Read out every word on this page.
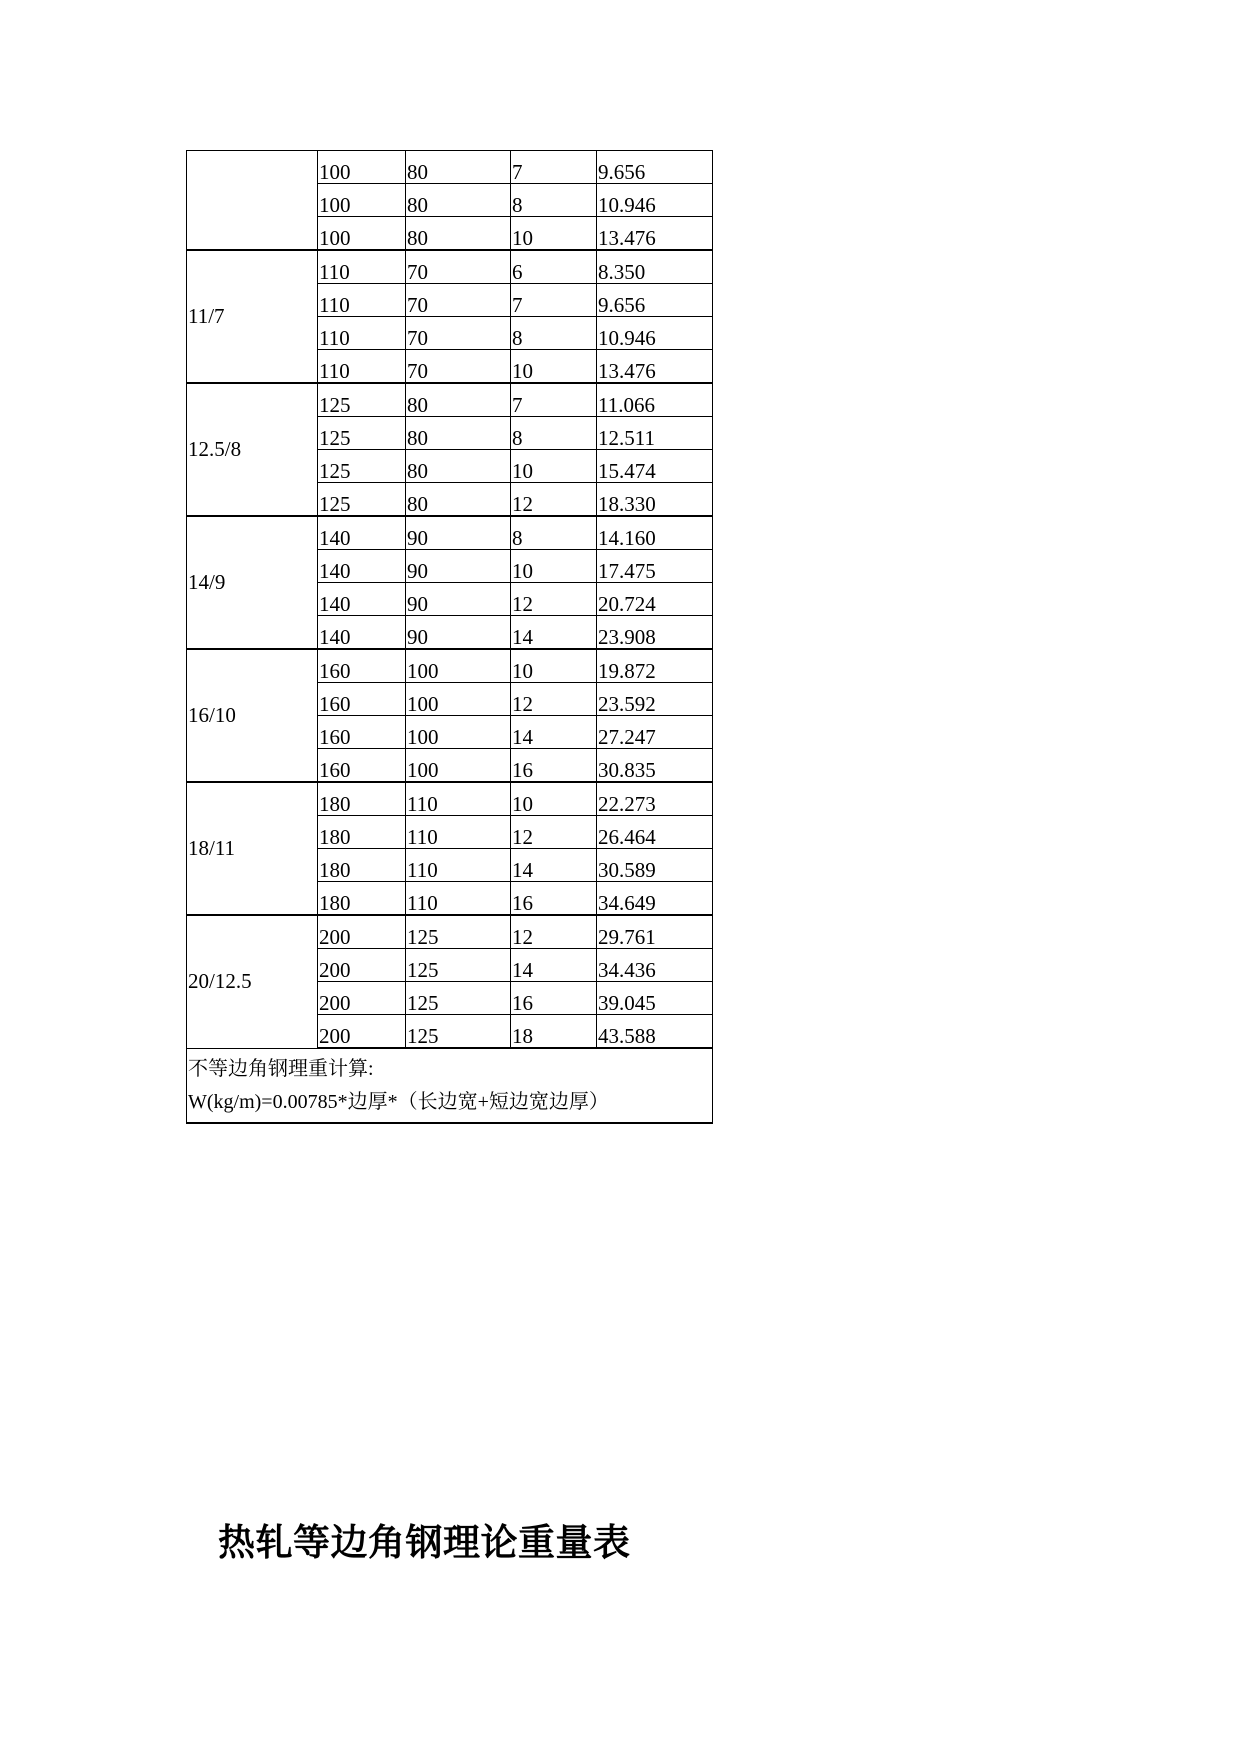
	100	80	7	9.656
	100	80	8	10.946
	100	80	10	13.476
11/7	110	70	6	8.350
	110	70	7	9.656
	110	70	8	10.946
	110	70	10	13.476
12.5/8	125	80	7	11.066
	125	80	8	12.511
	125	80	10	15.474
	125	80	12	18.330
14/9	140	90	8	14.160
	140	90	10	17.475
	140	90	12	20.724
	140	90	14	23.908
16/10	160	100	10	19.872
	160	100	12	23.592
	160	100	14	27.247
	160	100	16	30.835
18/11	180	110	10	22.273
	180	110	12	26.464
	180	110	14	30.589
	180	110	16	34.649
20/12.5	200	125	12	29.761
	200	125	14	34.436
	200	125	16	39.045
	200	125	18	43.588

不等边角钢理重计算:
W(kg/m)=0.00785*边厚*（长边宽+短边宽边厚）				
热轧等边角钢理论重量表
